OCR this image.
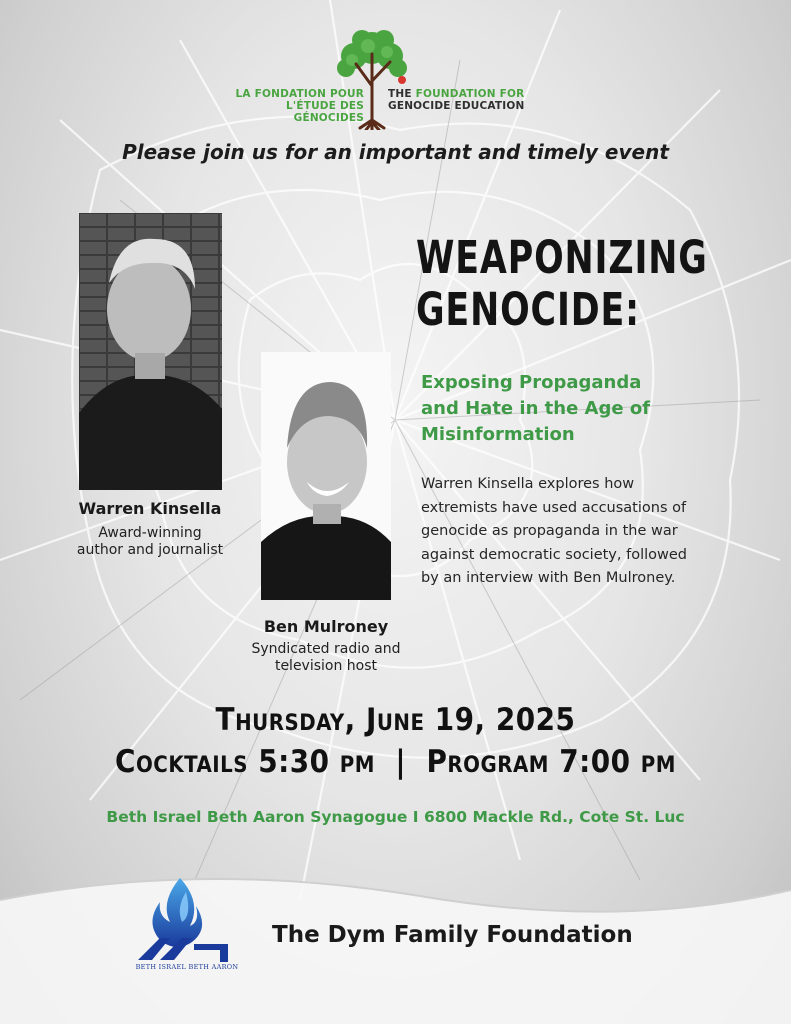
LA FONDATION POUR
L'ÉTUDE DES GÉNOCIDES
THE FOUNDATION FOR
GENOCIDE EDUCATION
Please join us for an important and timely event
Warren Kinsella
Award-winning
author and journalist
Ben Mulroney
Syndicated radio and
television host
WEAPONIZING
GENOCIDE:
Exposing Propaganda
and Hate in the Age of
Misinformation
Warren Kinsella explores how
extremists have used accusations of
genocide as propaganda in the war
against democratic society, followed
by an interview with Ben Mulroney.
Thursday, June 19, 2025
Cocktails 5:30 pm  |  Program 7:00 pm
Beth Israel Beth Aaron Synagogue I 6800 Mackle Rd., Cote St. Luc
BETH ISRAEL BETH AARON
The Dym Family Foundation
